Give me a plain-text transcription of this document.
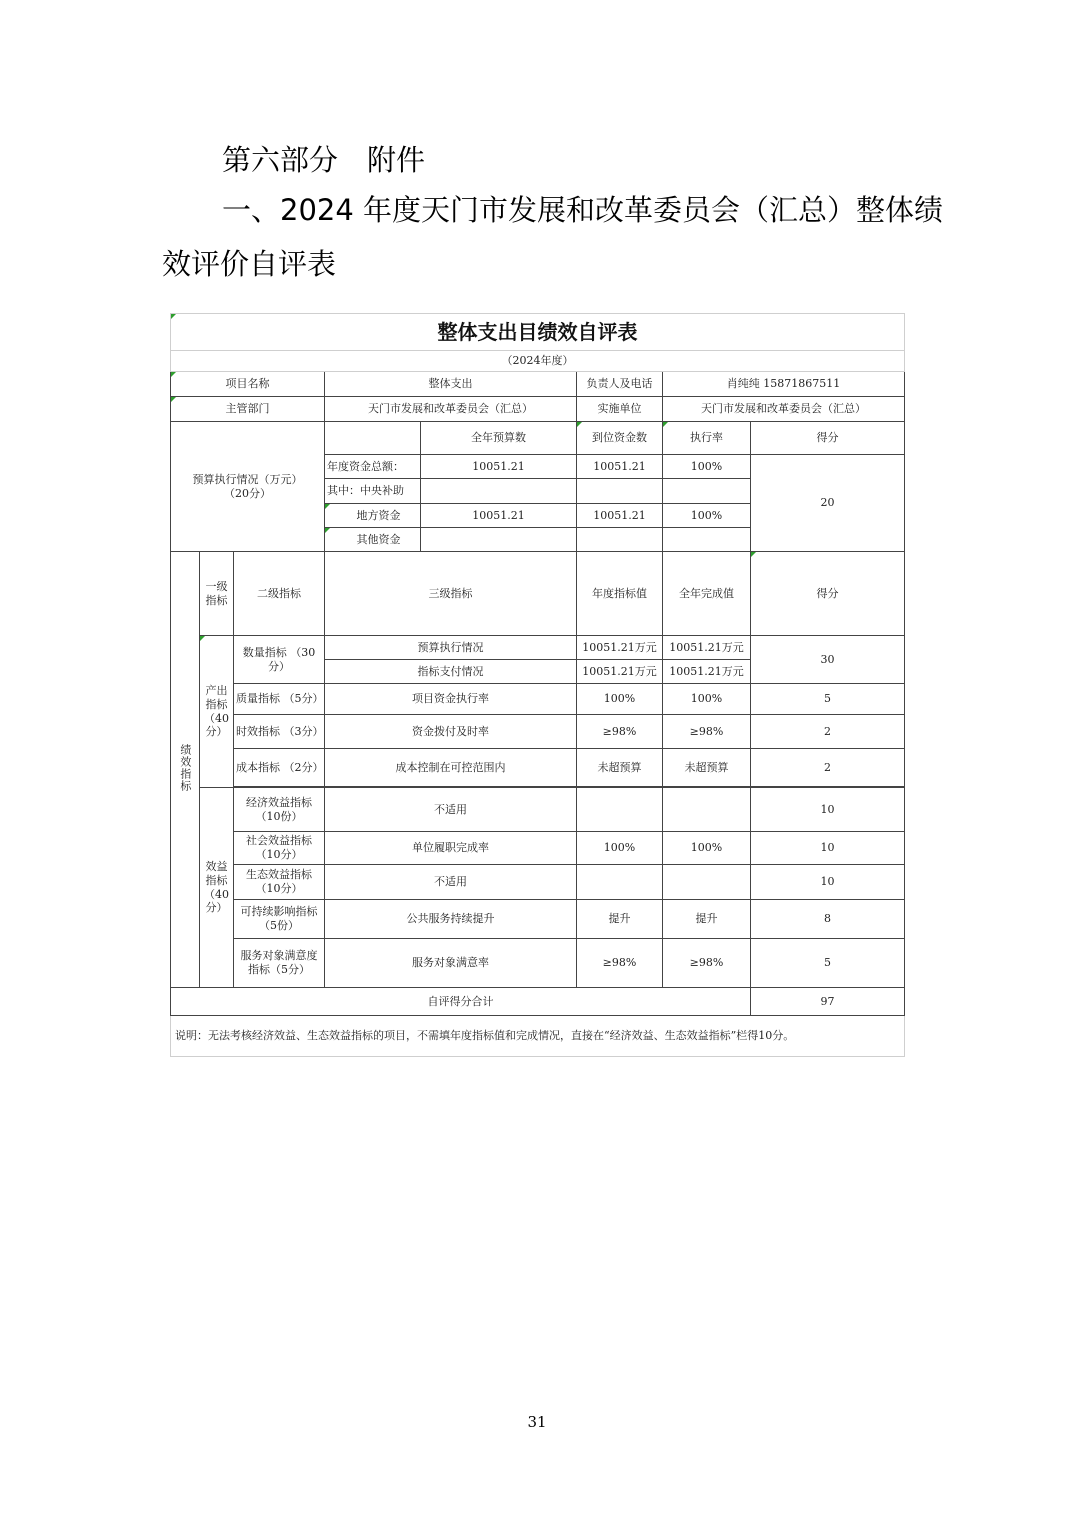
第六部分　附件
一、2024 年度天门市发展和改革委员会（汇总）整体绩
效评价自评表
整体支出目绩效自评表							
（2024年度）							
项目名称			整体支出		负责人及电话	肖纯纯 15871867511	
主管部门			天门市发展和改革委员会（汇总）		实施单位	天门市发展和改革委员会（汇总）	
预算执行情况（万元）
（20分）				全年预算数	到位资金数	执行率	得分
			年度资金总额：	10051.21	10051.21	100%	20
			其中：中央补助				
			地方资金	10051.21	10051.21	100%	
			其他资金				
绩效指标	一级指标	二级指标	三级指标		年度指标值	全年完成值	得分
	产出指标（40分）	数量指标 （30分）	预算执行情况		10051.21万元	10051.21万元	30
			指标支付情况		10051.21万元	10051.21万元	
		质量指标 （5分）	项目资金执行率		100%	100%	5
		时效指标 （3分）	资金拨付及时率		≥98%	≥98%	2
		成本指标 （2分）	成本控制在可控范围内		未超预算	未超预算	2

	效益指标（40分）	经济效益指标（10份）	不适用				10
		社会效益指标（10分）	单位履职完成率		100%	100%	10
		生态效益指标（10分）	不适用				10
		可持续影响指标（5份）	公共服务持续提升		提升	提升	8
		服务对象满意度指标（5分）	服务对象满意率		≥98%	≥98%	5
自评得分合计							97
说明：无法考核经济效益、生态效益指标的项目，不需填年度指标值和完成情况，直接在“经济效益、生态效益指标”栏得10分。							
31
